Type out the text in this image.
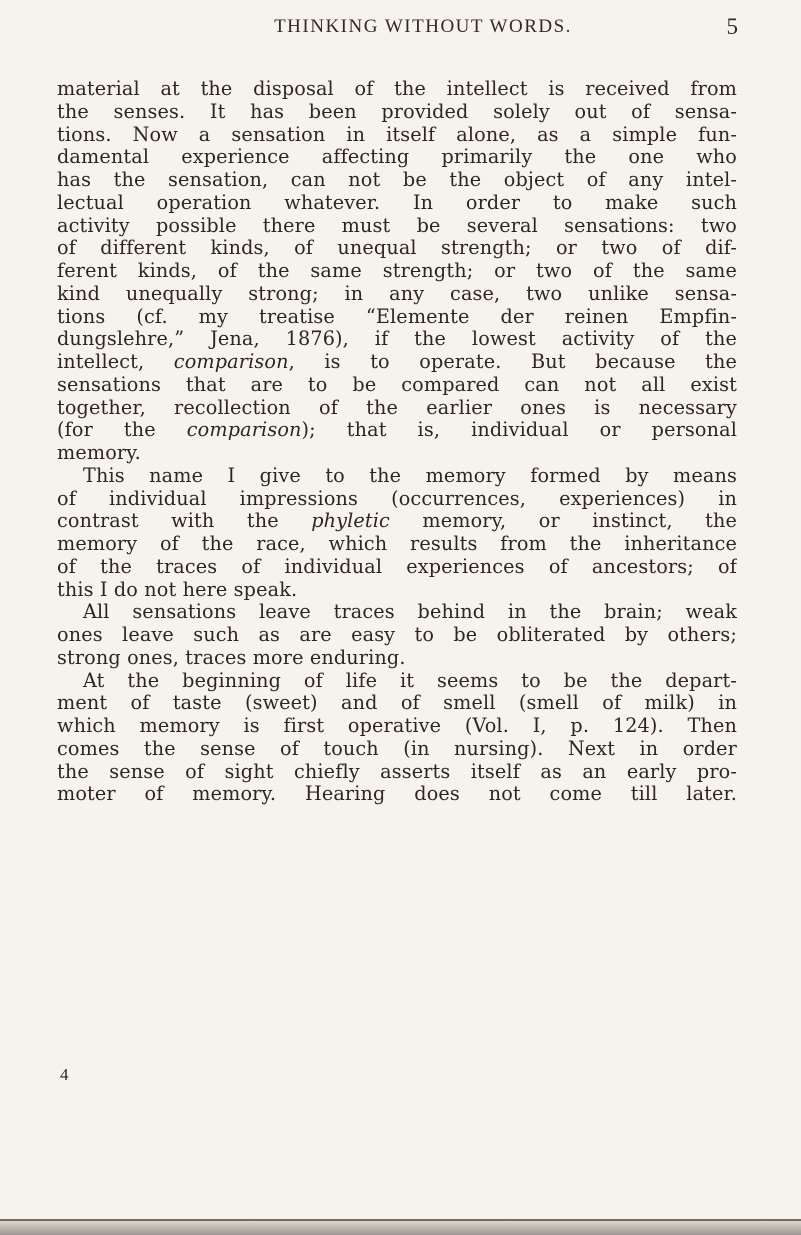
THINKING WITHOUT WORDS.	5
material at the disposal of the intellect is received from
the senses. It has been provided solely out of sensa-
tions. Now a sensation in itself alone, as a simple fun-
damental experience affecting primarily the one who
has the sensation, can not be the object of any intel-
lectual operation whatever. In order to make such
activity possible there must be several sensations: two
of different kinds, of unequal strength; or two of dif-
ferent kinds, of the same strength; or two of the same
kind unequally strong; in any case, two unlike sensa-
tions (cf. my treatise “Elemente der reinen Empfin-
dungslehre,” Jena, 1876), if the lowest activity of the
intellect, comparison, is to operate. But because the
sensations that are to be compared can not all exist
together, recollection of the earlier ones is necessary
(for the comparison); that is, individual or personal
memory.
This name I give to the memory formed by means
of individual impressions (occurrences, experiences) in
contrast with the phyletic memory, or instinct, the
memory of the race, which results from the inheritance
of the traces of individual experiences of ancestors; of
this I do not here speak.
All sensations leave traces behind in the brain; weak
ones leave such as are easy to be obliterated by others;
strong ones, traces more enduring.
At the beginning of life it seems to be the depart-
ment of taste (sweet) and of smell (smell of milk) in
which memory is first operative (Vol. I, p. 124). Then
comes the sense of touch (in nursing). Next in order
the sense of sight chiefly asserts itself as an early pro-
moter of memory. Hearing does not come till later.
4
